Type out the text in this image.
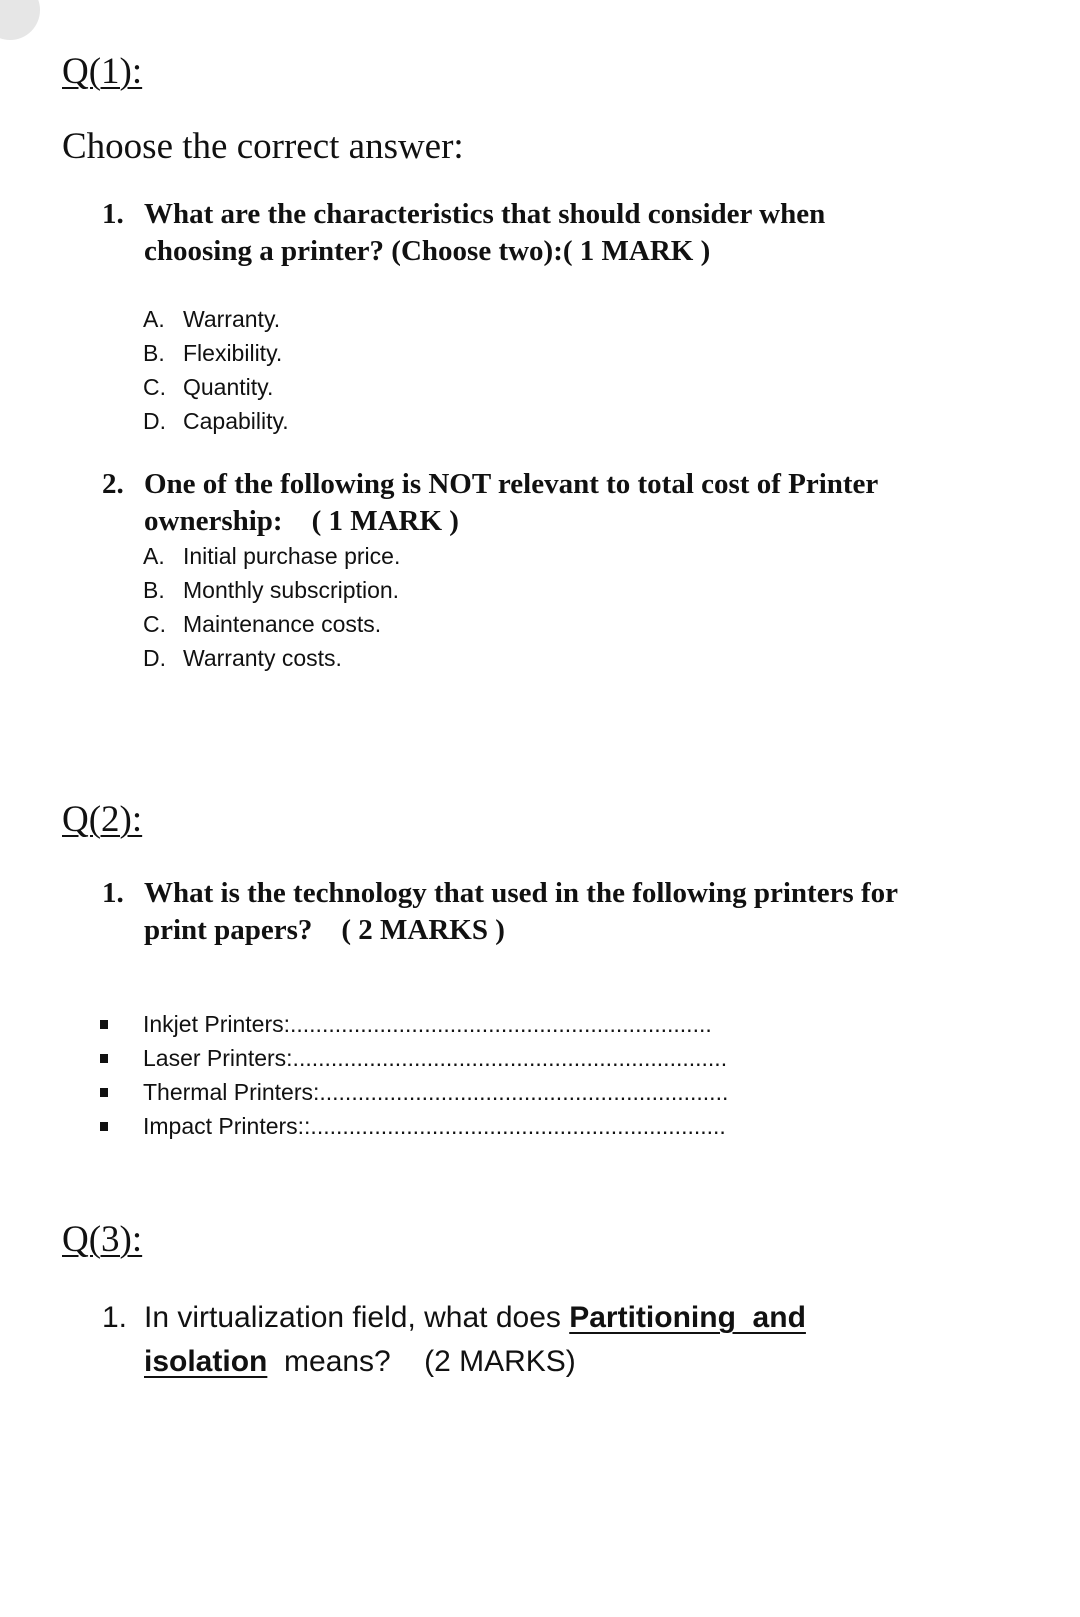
Q(1):

Choose the correct answer:

1. What are the characteristics that should consider when
choosing a printer? (Choose two):( 1 MARK )
A. Warranty.
B. Flexibility.
C. Quantity.
D. Capability.
2. One of the following is NOT relevant to total cost of Printer
ownership:    ( 1 MARK )
A. Initial purchase price.
B. Monthly subscription.
C. Maintenance costs.
D. Warranty costs.
Q(2):
1. What is the technology that used in the following printers for
print papers?    ( 2 MARKS )
Inkjet Printers:..................................................................
Laser Printers:....................................................................
Thermal Printers:................................................................
Impact Printers::.................................................................
Q(3):
1. In virtualization field, what does Partitioning  and
isolation  means?    (2 MARKS)
